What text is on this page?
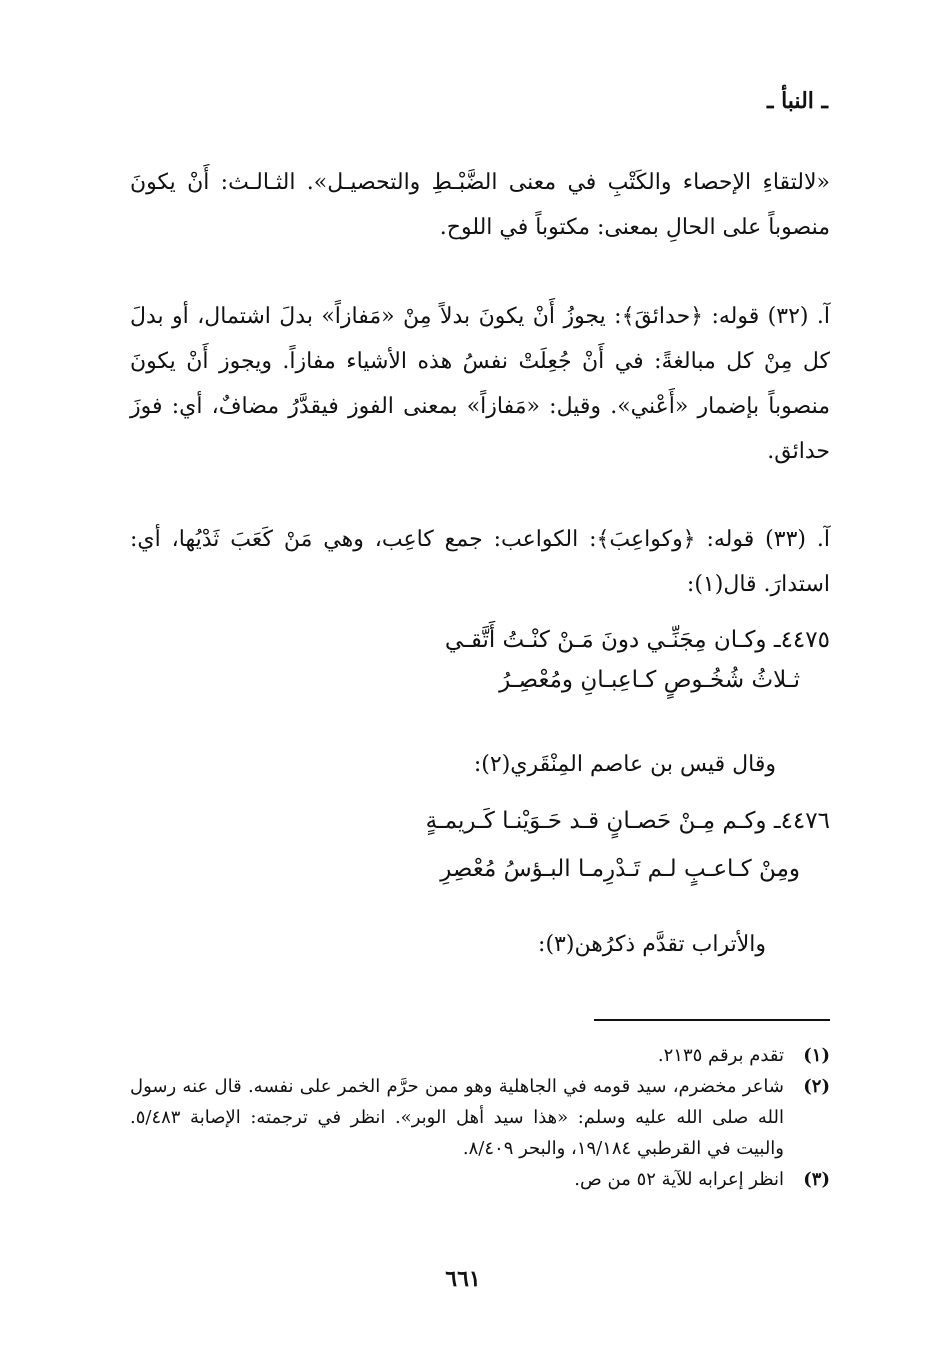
ـ النبأ ـ
«لالتقاءِ الإحصاء والكَتْبِ في معنى الضَّبْـطِ والتحصيـل». الثـالـث: أَنْ يكونَ منصوباً على الحالِ بمعنى: مكتوباً في اللوح.
آ. (٣٢) قوله: ﴿حدائقَ﴾: يجوزُ أَنْ يكونَ بدلاً مِنْ «مَفازاً» بدلَ اشتمال، أو بدلَ كل مِنْ كل مبالغةً: في أَنْ جُعِلَتْ نفسُ هذه الأشياء مفازاً. ويجوز أَنْ يكونَ منصوباً بإضمار «أَعْني». وقيل: «مَفازاً» بمعنى الفوز فيقدَّرُ مضافٌ، أي: فوزَ حدائق.
آ. (٣٣) قوله: ﴿وكواعِبَ﴾: الكواعب: جمع كاعِب، وهي مَنْ كَعَبَ ثَدْيُها، أي: استدارَ. قال(١):
٤٤٧٥ـ وكـان مِجَنِّـي دونَ مَـنْ كنْـتُ أَتَّقـي
ثـلاثُ شُخُـوصٍ كـاعِبـانِ ومُعْصِـرُ
وقال قيس بن عاصم المِنْقَري(٢):
٤٤٧٦ـ وكـم مِـنْ حَصـانٍ قـد حَـوَيْنـا كَـريمـةٍ
ومِنْ كـاعـبٍ لـم تَـدْرِمـا البـؤسُ مُعْصِرِ
والأتراب تقدَّم ذكرُهن(٣):
(١)
تقدم برقم ٢١٣٥.
(٢)
شاعر مخضرم، سيد قومه في الجاهلية وهو ممن حرَّم الخمر على نفسه. قال عنه رسول الله صلى الله عليه وسلم: «هذا سيد أهل الوبر». انظر في ترجمته: الإصابة ٥/٤٨٣. والبيت في القرطبي ١٩/١٨٤، والبحر ٨/٤٠٩.
(٣)
انظر إعرابه للآية ٥٢ من ص.
٦٦١
